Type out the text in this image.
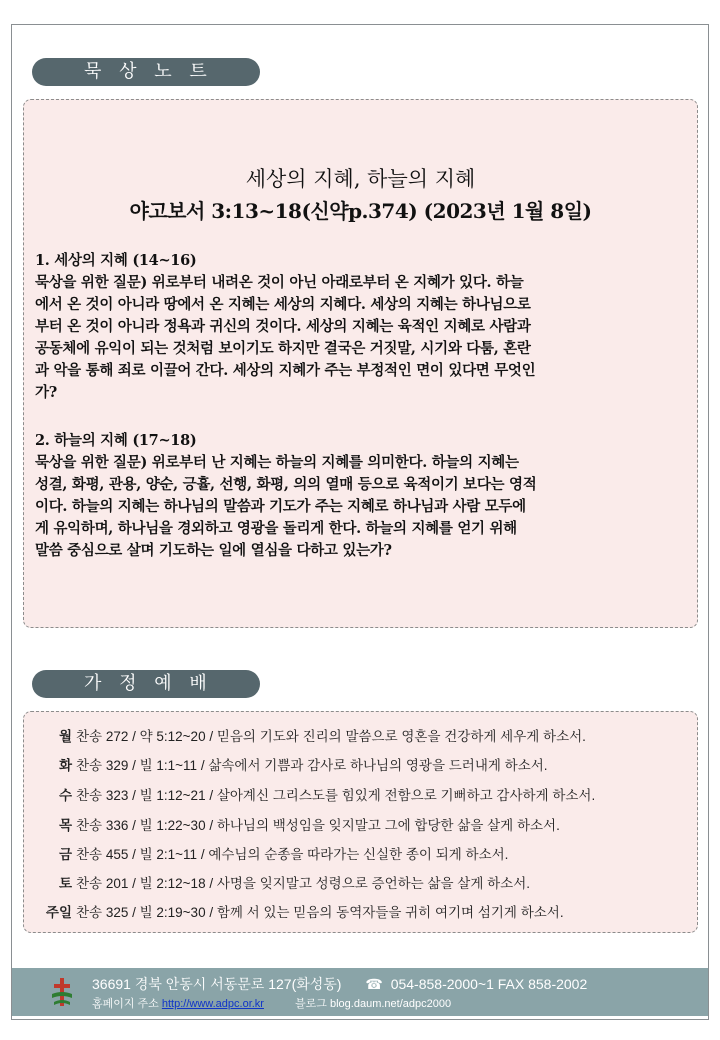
묵 상 노 트
세상의 지혜, 하늘의 지혜
야고보서 3:13~18(신약p.374) (2023년 1월 8일)
1. 세상의 지혜 (14~16)
묵상을 위한 질문) 위로부터 내려온 것이 아닌 아래로부터 온 지혜가 있다. 하늘
에서 온 것이 아니라 땅에서 온 지혜는 세상의 지혜다. 세상의 지혜는 하나님으로
부터 온 것이 아니라 정욕과 귀신의 것이다. 세상의 지혜는 육적인 지혜로 사람과
공동체에 유익이 되는 것처럼 보이기도 하지만 결국은 거짓말, 시기와 다툼, 혼란
과 악을 통해 죄로 이끌어 간다. 세상의 지혜가 주는 부정적인 면이 있다면 무엇인
가?
2. 하늘의 지혜 (17~18)
묵상을 위한 질문) 위로부터 난 지혜는 하늘의 지혜를 의미한다. 하늘의 지혜는
성결, 화평, 관용, 양순, 긍휼, 선행, 화평, 의의 열매 등으로 육적이기 보다는 영적
이다. 하늘의 지혜는 하나님의 말씀과 기도가 주는 지혜로 하나님과 사람 모두에
게 유익하며, 하나님을 경외하고 영광을 돌리게 한다. 하늘의 지혜를 얻기 위해
말씀 중심으로 살며 기도하는 일에 열심을 다하고 있는가?
가 정 예 배
월 찬송 272 / 약 5:12~20 / 믿음의 기도와 진리의 말씀으로 영혼을 건강하게 세우게 하소서.
화 찬송 329 / 빌 1:1~11 / 삶속에서 기쁨과 감사로 하나님의 영광을 드러내게 하소서.
수 찬송 323 / 빌 1:12~21 / 살아계신 그리스도를 힘있게 전함으로 기뻐하고 감사하게 하소서.
목 찬송 336 / 빌 1:22~30 / 하나님의 백성임을 잊지말고 그에 합당한 삶을 살게 하소서.
금 찬송 455 / 빌 2:1~11 / 예수님의 순종을 따라가는 신실한 종이 되게 하소서.
토 찬송 201 / 빌 2:12~18 / 사명을 잊지말고 성령으로 증언하는 삶을 살게 하소서.
주일 찬송 325 / 빌 2:19~30 / 함께 서 있는 믿음의 동역자들을 귀히 여기며 섬기게 하소서.
36691 경북 안동시 서동문로 127(화성동) ☎ 054-858-2000~1 FAX 858-2002
홈페이지 주소 http://www.adpc.or.kr	블로그 blog.daum.net/adpc2000
